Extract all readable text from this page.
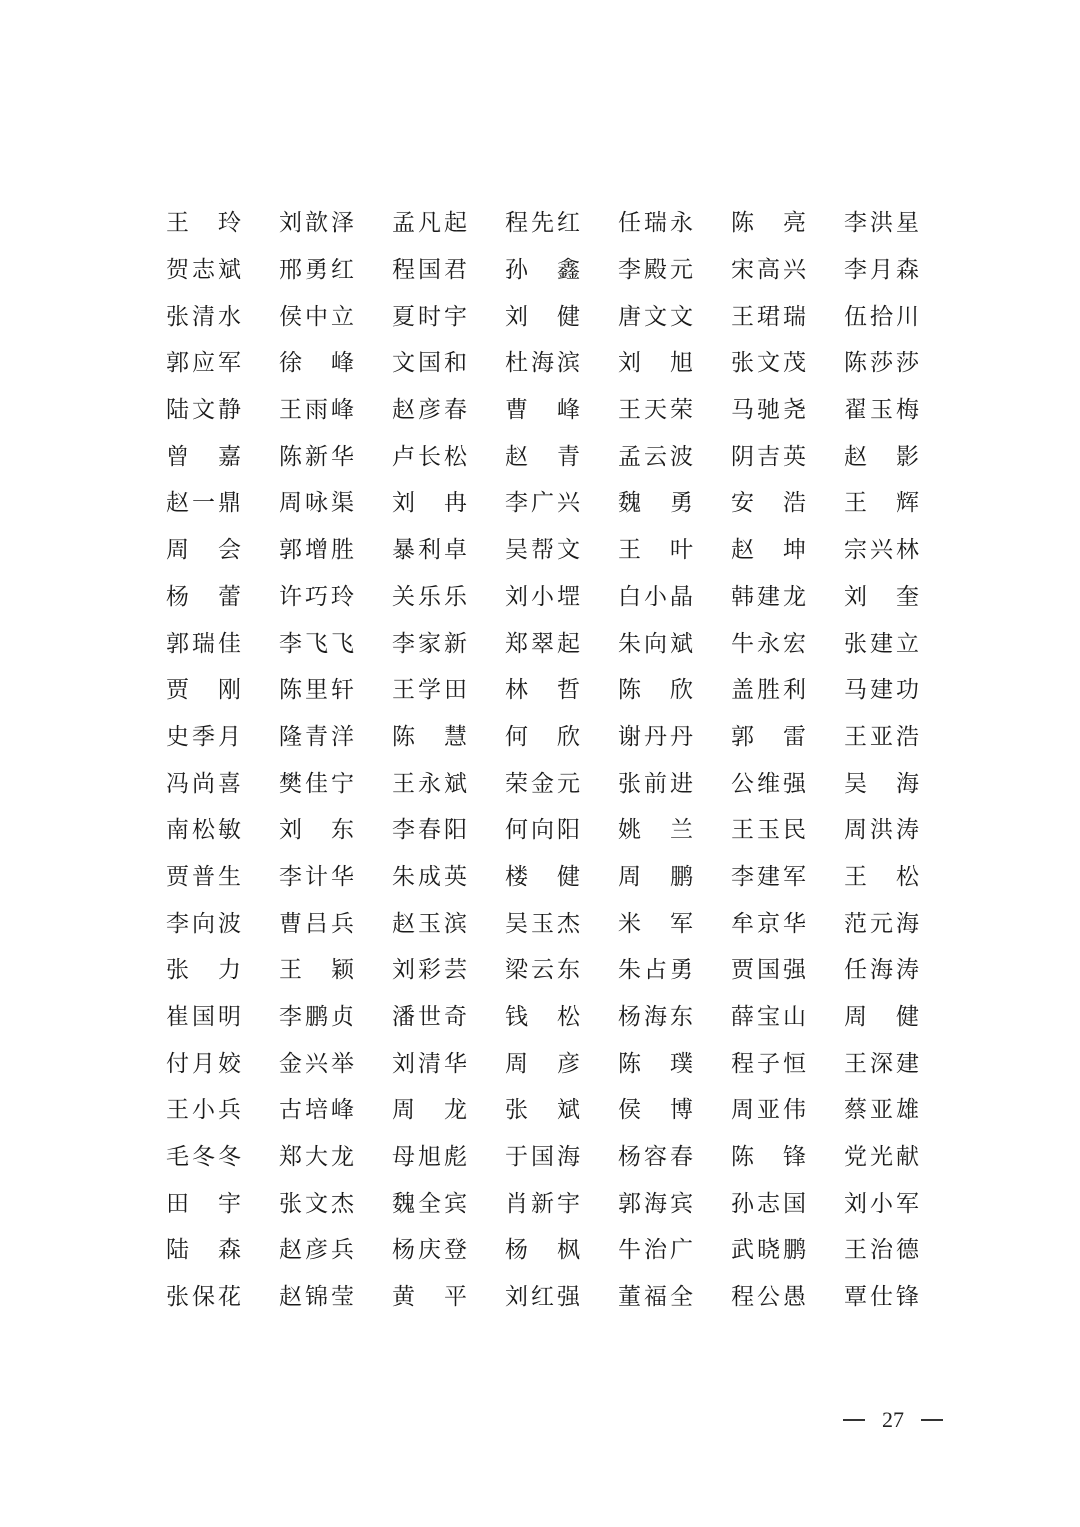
王 玲 刘歆泽 孟凡起 程先红 任瑞永 陈 亮 李洪星
贺志斌 邢勇红 程国君 孙 鑫 李殿元 宋高兴 李月森
张清水 侯中立 夏时宇 刘 健 唐文文 王珺瑞 伍拾川
郭应军 徐 峰 文国和 杜海滨 刘 旭 张文茂 陈莎莎
陆文静 王雨峰 赵彦春 曹 峰 王天荣 马驰尧 翟玉梅
曾 嘉 陈新华 卢长松 赵 青 孟云波 阴吉英 赵 影
赵一鼎 周咏渠 刘 冉 李广兴 魏 勇 安 浩 王 辉
周 会 郭增胜 暴利卓 吴帮文 王 叶 赵 坤 宗兴林
杨 蕾 许巧玲 关乐乐 刘小堽 白小晶 韩建龙 刘 奎
郭瑞佳 李飞飞 李家新 郑翠起 朱向斌 牛永宏 张建立
贾 刚 陈里轩 王学田 林 哲 陈 欣 盖胜利 马建功
史季月 隆青洋 陈 慧 何 欣 谢丹丹 郭 雷 王亚浩
冯尚喜 樊佳宁 王永斌 荣金元 张前进 公维强 吴 海
南松敏 刘 东 李春阳 何向阳 姚 兰 王玉民 周洪涛
贾普生 李计华 朱成英 楼 健 周 鹏 李建军 王 松
李向波 曹吕兵 赵玉滨 吴玉杰 米 军 牟京华 范元海
张 力 王 颖 刘彩芸 梁云东 朱占勇 贾国强 任海涛
崔国明 李鹏贞 潘世奇 钱 松 杨海东 薛宝山 周 健
付月姣 金兴举 刘清华 周 彦 陈 璞 程子恒 王深建
王小兵 古培峰 周 龙 张 斌 侯 博 周亚伟 蔡亚雄
毛冬冬 郑大龙 母旭彪 于国海 杨容春 陈 锋 党光献
田 宇 张文杰 魏全宾 肖新宇 郭海宾 孙志国 刘小军
陆 森 赵彦兵 杨庆登 杨 枫 牛治广 武晓鹏 王治德
张保花 赵锦莹 黄 平 刘红强 董福全 程公愚 覃仕锋
27
